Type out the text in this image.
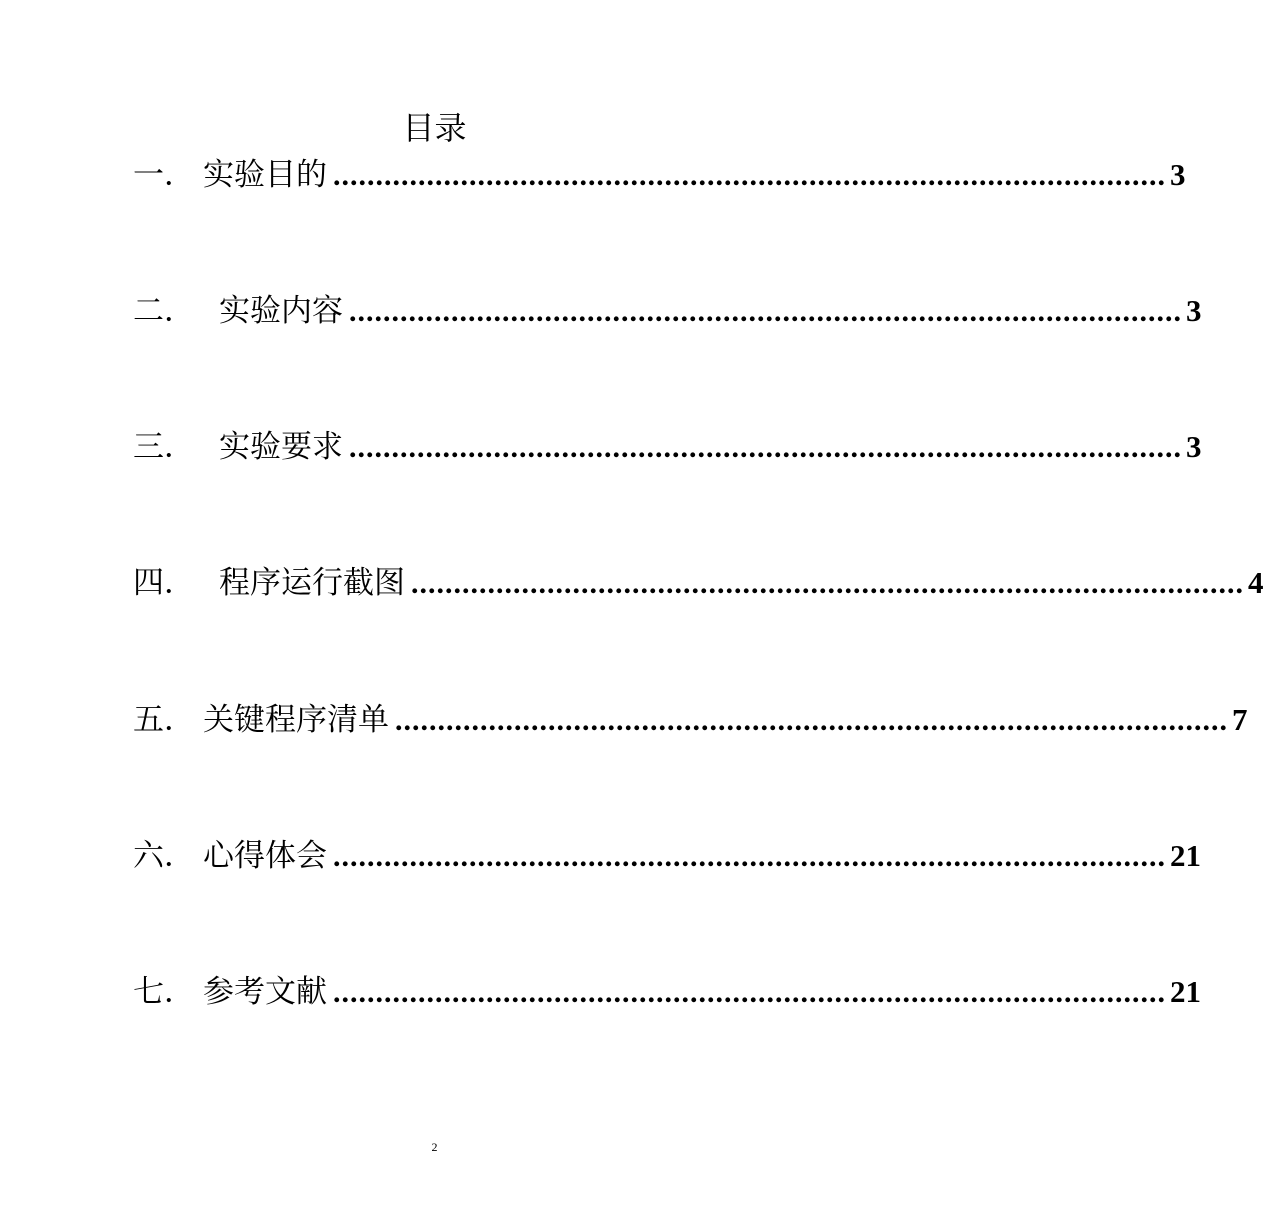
目录
一． 实验目的 .................................................................................................. 3
二． 实验内容 .................................................................................................. 3
三． 实验要求 .................................................................................................. 3
四． 程序运行截图 .................................................................................................. 4
五． 关键程序清单 .................................................................................................. 7
六． 心得体会 .................................................................................................. 21
七． 参考文献 .................................................................................................. 21
2
